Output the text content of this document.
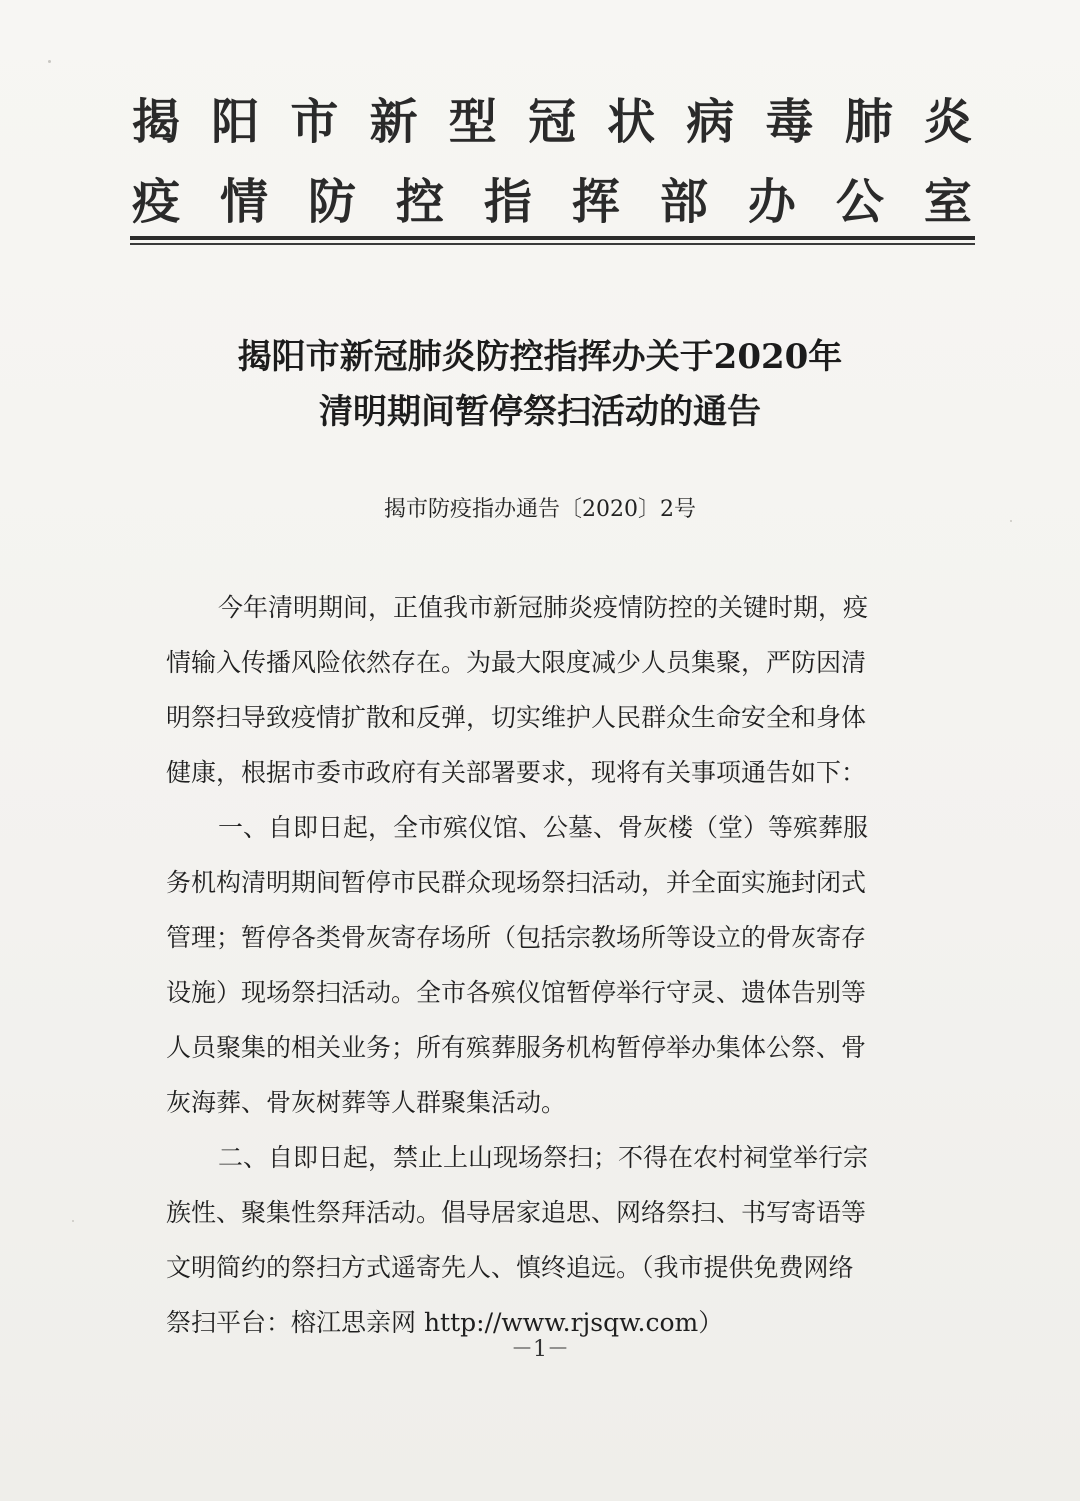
揭 阳 市 新 型 冠 状 病 毒 肺 炎
疫 情 防 控 指 挥 部 办 公 室
揭阳市新冠肺炎防控指挥办关于2020年
清明期间暂停祭扫活动的通告
揭市防疫指办通告〔2020〕2号
今年清明期间，正值我市新冠肺炎疫情防控的关键时期，疫
情输入传播风险依然存在。为最大限度减少人员集聚，严防因清
明祭扫导致疫情扩散和反弹，切实维护人民群众生命安全和身体
健康，根据市委市政府有关部署要求，现将有关事项通告如下：
一、自即日起，全市殡仪馆、公墓、骨灰楼（堂）等殡葬服
务机构清明期间暂停市民群众现场祭扫活动，并全面实施封闭式
管理；暂停各类骨灰寄存场所（包括宗教场所等设立的骨灰寄存
设施）现场祭扫活动。全市各殡仪馆暂停举行守灵、遗体告别等
人员聚集的相关业务；所有殡葬服务机构暂停举办集体公祭、骨
灰海葬、骨灰树葬等人群聚集活动。
二、自即日起，禁止上山现场祭扫；不得在农村祠堂举行宗
族性、聚集性祭拜活动。倡导居家追思、网络祭扫、书写寄语等
文明简约的祭扫方式遥寄先人、慎终追远。（我市提供免费网络
祭扫平台：榕江思亲网 http://www.rjsqw.com）
－1－
